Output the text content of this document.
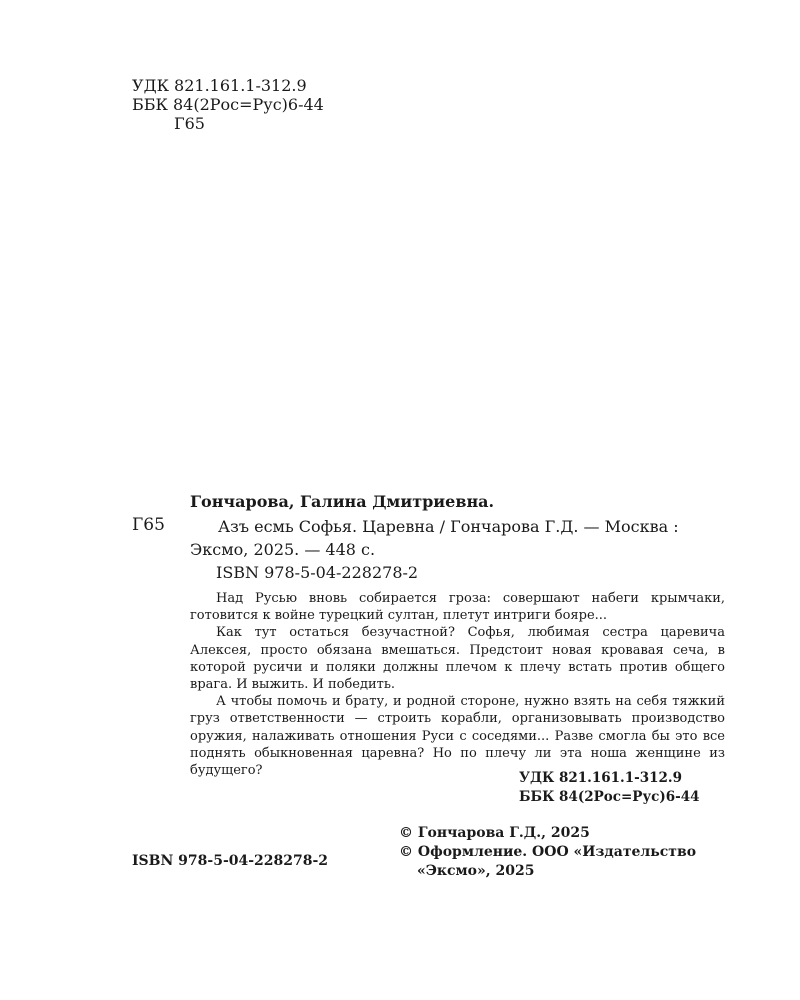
УДК 821.161.1-312.9
ББК 84(2Рос=Рус)6-44
Г65
Гончарова, Галина Дмитриевна.
Г65	Азъ есмь Софья. Царевна / Гончарова Г.Д. — Москва :
Эксмо, 2025. — 448 с.
ISBN 978-5-04-228278-2

Над Русью вновь собирается гроза: совершают набеги крымчаки, готовится к войне турецкий султан, плетут интриги бояре...

Как тут остаться безучастной? Софья, любимая сестра царевича Алексея, просто обязана вмешаться. Предстоит новая кровавая сеча, в которой русичи и поляки должны плечом к плечу встать против общего врага. И выжить. И победить.

А чтобы помочь и брату, и родной стороне, нужно взять на себя тяжкий груз ответственности — строить корабли, организовывать производство оружия, налаживать отношения Руси с соседями... Разве смогла бы это все поднять обыкновенная царевна? Но по плечу ли эта ноша женщине из будущего?	УДК 821.161.1-312.9
ББК 84(2Рос=Рус)6-44
© Гончарова Г.Д., 2025
© Оформление. ООО «Издательство
«Эксмо», 2025
ISBN 978-5-04-228278-2
